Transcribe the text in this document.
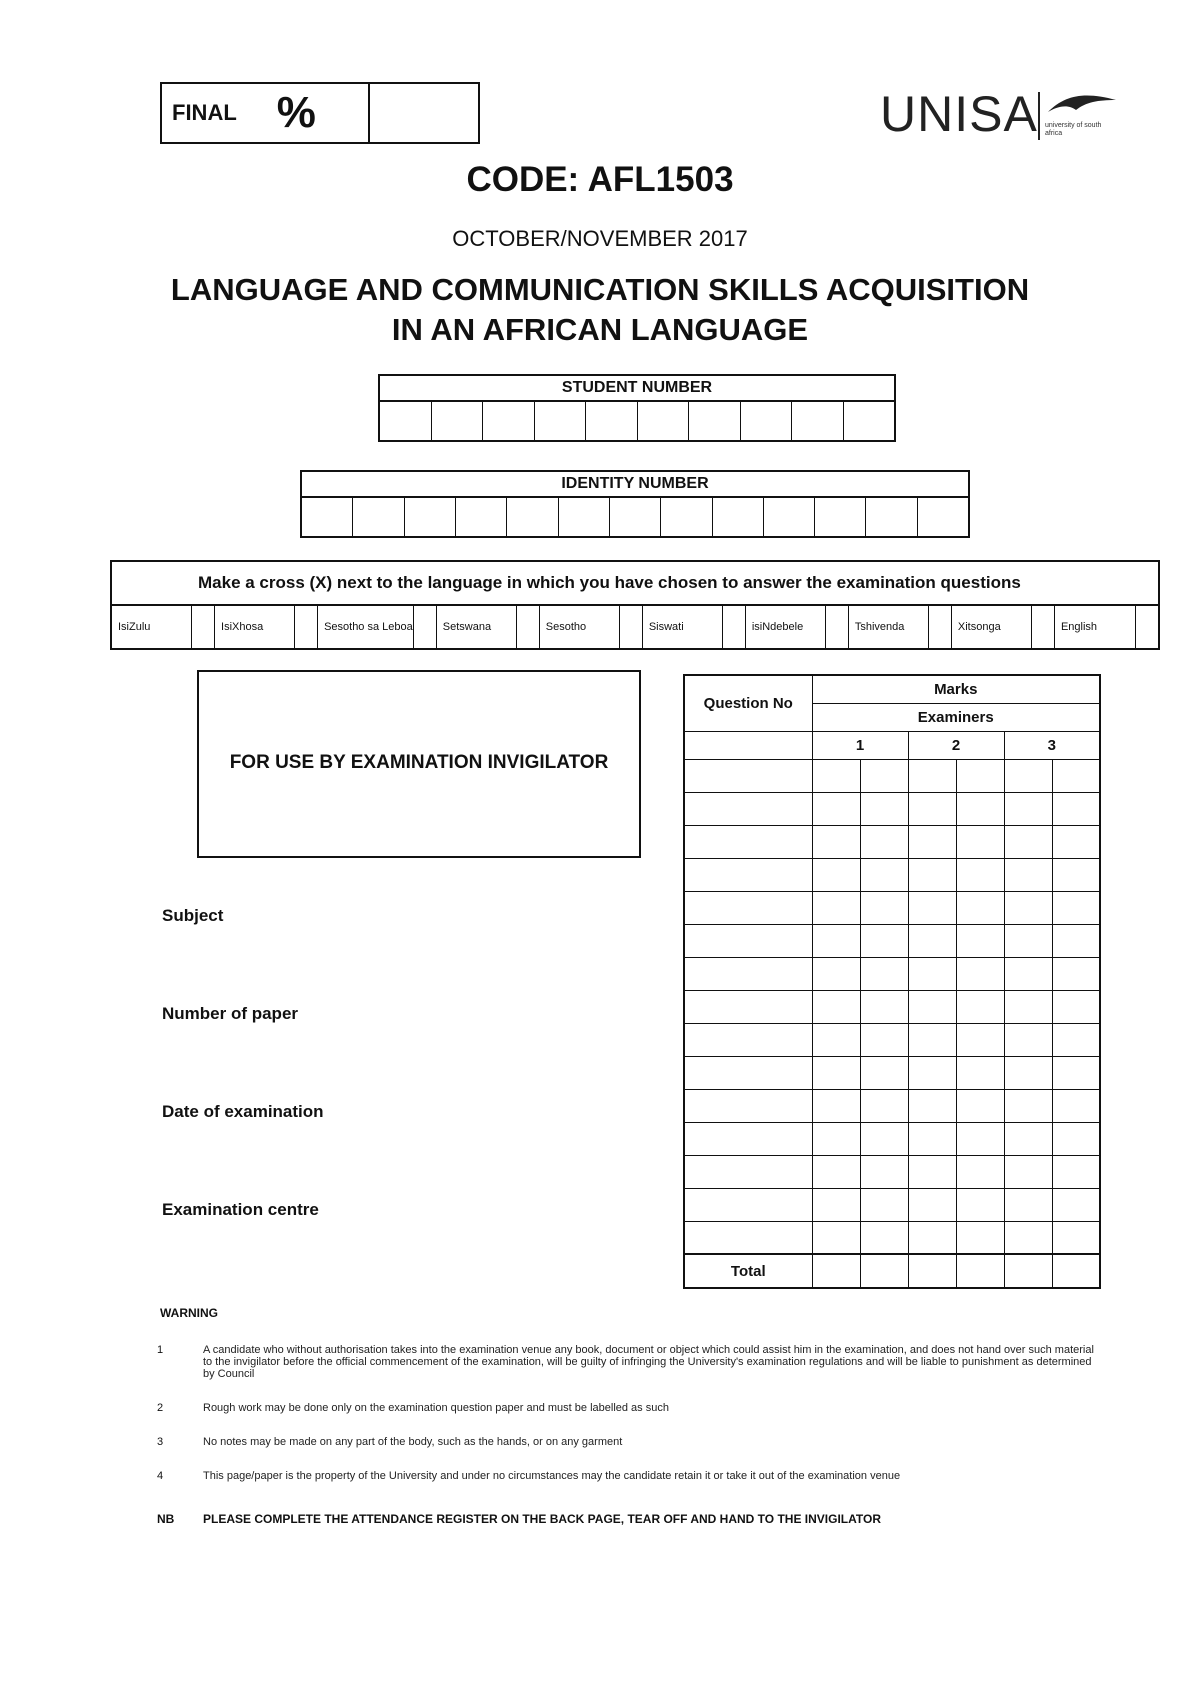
FINAL %	UNISA university of south africa
CODE: AFL1503
OCTOBER/NOVEMBER 2017
LANGUAGE AND COMMUNICATION SKILLS ACQUISITION
IN AN AFRICAN LANGUAGE
STUDENT NUMBER
IDENTITY NUMBER
Make a cross (X) next to the language in which you have chosen to answer the examination questions
IsiZulu	IsiXhosa	Sesotho sa Leboa	Setswana	Sesotho	Siswati	isiNdebele	Tshivenda	Xitsonga	English
FOR USE BY EXAMINATION INVIGILATOR
Subject
Number of paper
Date of examination
Examination centre
Question No	Marks					
	Examiners					
	1		2		3	

Total						
WARNING
1	A candidate who without authorisation takes into the examination venue any book, document or object which could assist him in the examination, and does not hand over such material to the invigilator before the official commencement of the examination, will be guilty of infringing the University's examination regulations and will be liable to punishment as determined by Council
2	Rough work may be done only on the examination question paper and must be labelled as such
3	No notes may be made on any part of the body, such as the hands, or on any garment
4	This page/paper is the property of the University and under no circumstances may the candidate retain it or take it out of the examination venue
NB PLEASE COMPLETE THE ATTENDANCE REGISTER ON THE BACK PAGE, TEAR OFF AND HAND TO THE INVIGILATOR
